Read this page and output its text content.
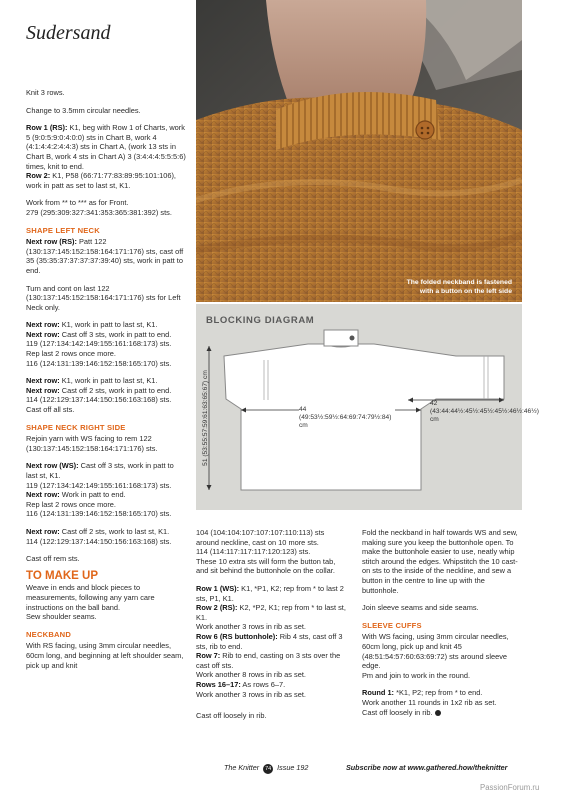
Sudersand

Knit 3 rows.

Change to 3.5mm circular needles.

Row 1 (RS): K1, beg with Row 1 of Charts, work 5 (9:0:5:9:0:4:0:0) sts in Chart B, work 4 (4:1:4:4:2:4:4:3) sts in Chart A, (work 13 sts in Chart B, work 4 sts in Chart A) 3 (3:4:4:4:5:5:5:6) times, knit to end.

Row 2: K1, P58 (66:71:77:83:89:95:101:106), work in patt as set to last st, K1.

Work from ** to *** as for Front.
279 (295:309:327:341:353:365:381:392) sts.

SHAPE LEFT NECK

Next row (RS): Patt 122 (130:137:145:152:158:164:171:176) sts, cast off 35 (35:35:37:37:37:37:39:40) sts, work in patt to end.

Turn and cont on last 122 (130:137:145:152:158:164:171:176) sts for Left Neck only.

Next row: K1, work in patt to last st, K1.
Next row: Cast off 3 sts, work in patt to end.
119 (127:134:142:149:155:161:168:173) sts.
Rep last 2 rows once more.
116 (124:131:139:146:152:158:165:170) sts.

Next row: K1, work in patt to last st, K1.
Next row: Cast off 2 sts, work in patt to end.
114 (122:129:137:144:150:156:163:168) sts.
Cast off all sts.

SHAPE NECK RIGHT SIDE

Rejoin yarn with WS facing to rem 122 (130:137:145:152:158:164:171:176) sts.

Next row (WS): Cast off 3 sts, work in patt to last st, K1.
119 (127:134:142:149:155:161:168:173) sts.
Next row: Work in patt to end.
Rep last 2 rows once more.
116 (124:131:139:146:152:158:165:170) sts.

Next row: Cast off 2 sts, work to last st, K1.
114 (122:129:137:144:150:156:163:168) sts.

Cast off rem sts.

TO MAKE UP

Weave in ends and block pieces to measurements, following any yarn care instructions on the ball band.
Sew shoulder seams.

NECKBAND

With RS facing, using 3mm circular needles, 60cm long, and beginning at left shoulder seam, pick up and knit

The folded neckband is fastened with a button on the left side
BLOCKING DIAGRAM
44 (49:53½:59½:64:69:74:79½:84) cm
42 (43:44:44½:45½:45½:45½:46½:46½) cm
51 (53:55:57:59:61:63:65:67) cm

104 (104:104:107:107:107:110:113) sts around neckline, cast on 10 more sts.
114 (114:117:117:117:120:123) sts.
These 10 extra sts will form the button tab, and sit behind the buttonhole on the collar.

Row 1 (WS): K1, *P1, K2; rep from * to last 2 sts, P1, K1.
Row 2 (RS): K2, *P2, K1; rep from * to last st, K1.
Work another 3 rows in rib as set.
Row 6 (RS buttonhole): Rib 4 sts, cast off 3 sts, rib to end.
Row 7: Rib to end, casting on 3 sts over the cast off sts.
Work another 8 rows in rib as set.
Rows 16–17: As rows 6–7.
Work another 3 rows in rib as set.

Cast off loosely in rib.

Fold the neckband in half towards WS and sew, making sure you keep the buttonhole open. To make the buttonhole easier to use, neatly whip stitch around the edges. Whipstitch the 10 cast-on sts to the inside of the neckline, and sew a button in the centre to line up with the buttonhole.

Join sleeve seams and side seams.

SLEEVE CUFFS

With WS facing, using 3mm circular needles, 60cm long, pick up and knit 45 (48:51:54:57:60:63:69:72) sts around sleeve edge.
Pm and join to work in the round.

Round 1: *K1, P2; rep from * to end.
Work another 11 rounds in 1x2 rib as set.
Cast off loosely in rib.

The Knitter 74 Issue 192	Subscribe now at www.gathered.how/theknitter
PassionForum.ru
